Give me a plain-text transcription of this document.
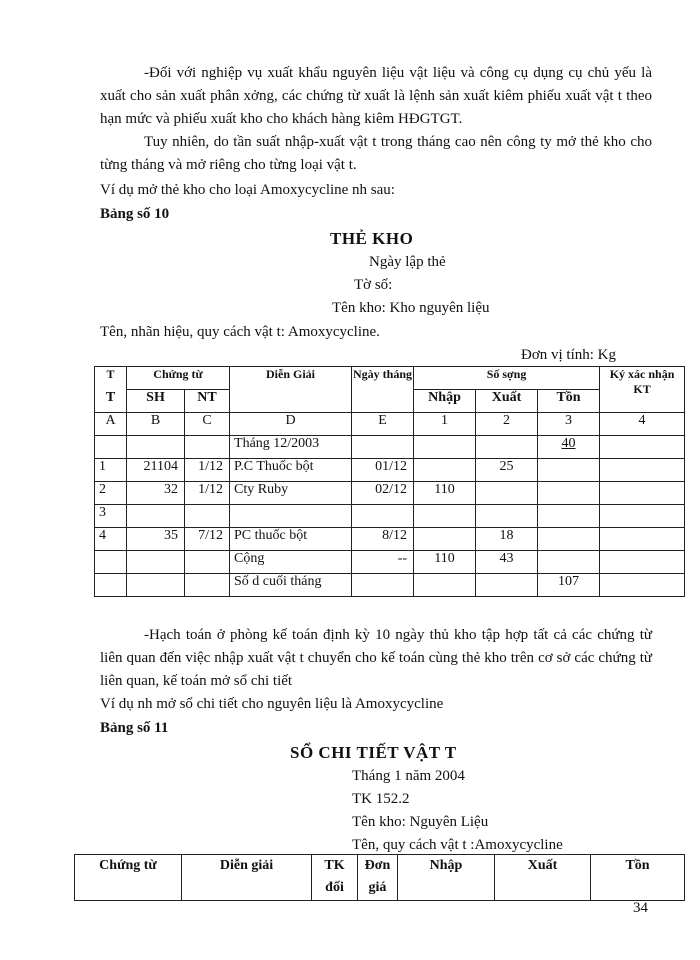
-Đối với nghiệp vụ xuất khẩu nguyên liệu vật liệu và công cụ dụng cụ chủ yếu là xuất cho sản xuất phân xởng, các chứng từ xuất là lệnh sản xuất kiêm phiếu xuất vật t theo hạn mức và phiếu xuất kho cho khách hàng kiêm HĐGTGT.

Tuy nhiên, do tần suất nhập-xuất vật t trong tháng cao nên công ty mở thẻ kho cho từng tháng và mở riêng cho từng loại vật t.

Ví dụ mở thẻ kho cho loại Amoxycycline nh sau:
Bảng số 10
THẺ KHO
Ngày lập thẻ
Tờ số:
Tên kho: Kho nguyên liệu
Tên, nhãn hiệu, quy cách vật t: Amoxycycline.
Đơn vị tính: Kg
T	Chứng từ		Diễn Giải	Ngày tháng	Số sợng			Ký xác nhận KT
T	SH	NT			Nhập	Xuất	Tồn	
A	B	C	D	E	1	2	3	4
			Tháng 12/2003				40	
1	21104	1/12	P.C Thuốc bột	01/12		25		
2	32	1/12	Cty Ruby	02/12	110			
3								
4	35	7/12	PC thuốc bột	8/12		18		
			Cộng	--	110	43		
			Số d cuối tháng				107	

-Hạch toán ở phòng kế toán định kỳ 10 ngày thủ kho tập hợp tất cả các chứng từ liên quan đến việc nhập xuất vật t chuyển cho kế toán cùng thẻ kho trên cơ sở các chứng từ liên quan, kế toán mở sổ chi tiết

Ví dụ nh mở sổ chi tiết cho nguyên liệu là Amoxycycline
Bảng số 11
SỔ CHI TIẾT VẬT T
Tháng 1 năm 2004
TK 152.2
Tên kho: Nguyên Liệu
Tên, quy cách vật t :Amoxycycline
Chứng từ	Diễn giải	TK
đối

Đơn
giá

Nhập	Xuất	Tồn
34
